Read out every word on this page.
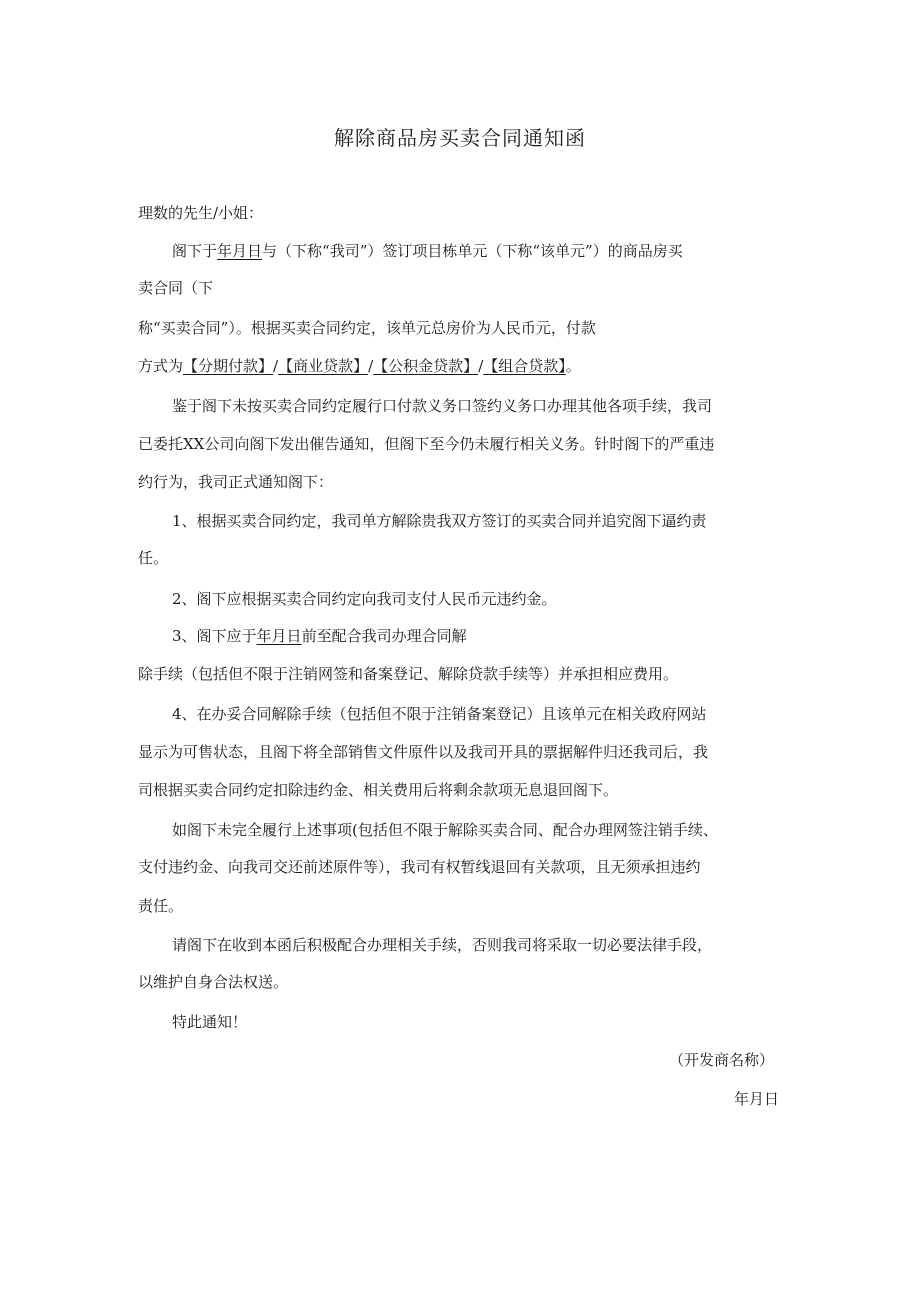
解除商品房买卖合同通知函
理数的先生/小姐：
阁下于年月日与（下称“我司”）签订项目栋单元（下称“该单元”）的商品房买
卖合同（下
称“买卖合同”）。根据买卖合同约定，该单元总房价为人民币元，付款
方式为【分期付款】/【商业贷款】/【公积金贷款】/【组合贷款】。
鉴于阁下未按买卖合同约定履行口付款义务口签约义务口办理其他各项手续，我司
已委托XX公司向阁下发出催告通知，但阁下至今仍未履行相关义务。针时阁下的严重违
约行为，我司正式通知阁下：
1、根据买卖合同约定，我司单方解除贵我双方签订的买卖合同并追究阁下逼约责
任。
2、阁下应根据买卖合同约定向我司支付人民币元违约金。
3、阁下应于年月日前至配合我司办理合同解
除手续（包括但不限于注销网签和备案登记、解除贷款手续等）并承担相应费用。
4、在办妥合同解除手续（包括但不限于注销备案登记）且该单元在相关政府网站
显示为可售状态，且阁下将全部销售文件原件以及我司开具的票据解件归还我司后，我
司根据买卖合同约定扣除违约金、相关费用后将剩余款项无息退回阁下。
如阁下未完全履行上述事项(包括但不限于解除买卖合同、配合办理网签注销手续、
支付违约金、向我司交还前述原件等），我司有权暂线退回有关款项，且无须承担违约
责任。
请阁下在收到本函后积极配合办理相关手续，否则我司将采取一切必要法律手段，
以维护自身合法权送。
特此通知！
（开发商名称）
年月日
